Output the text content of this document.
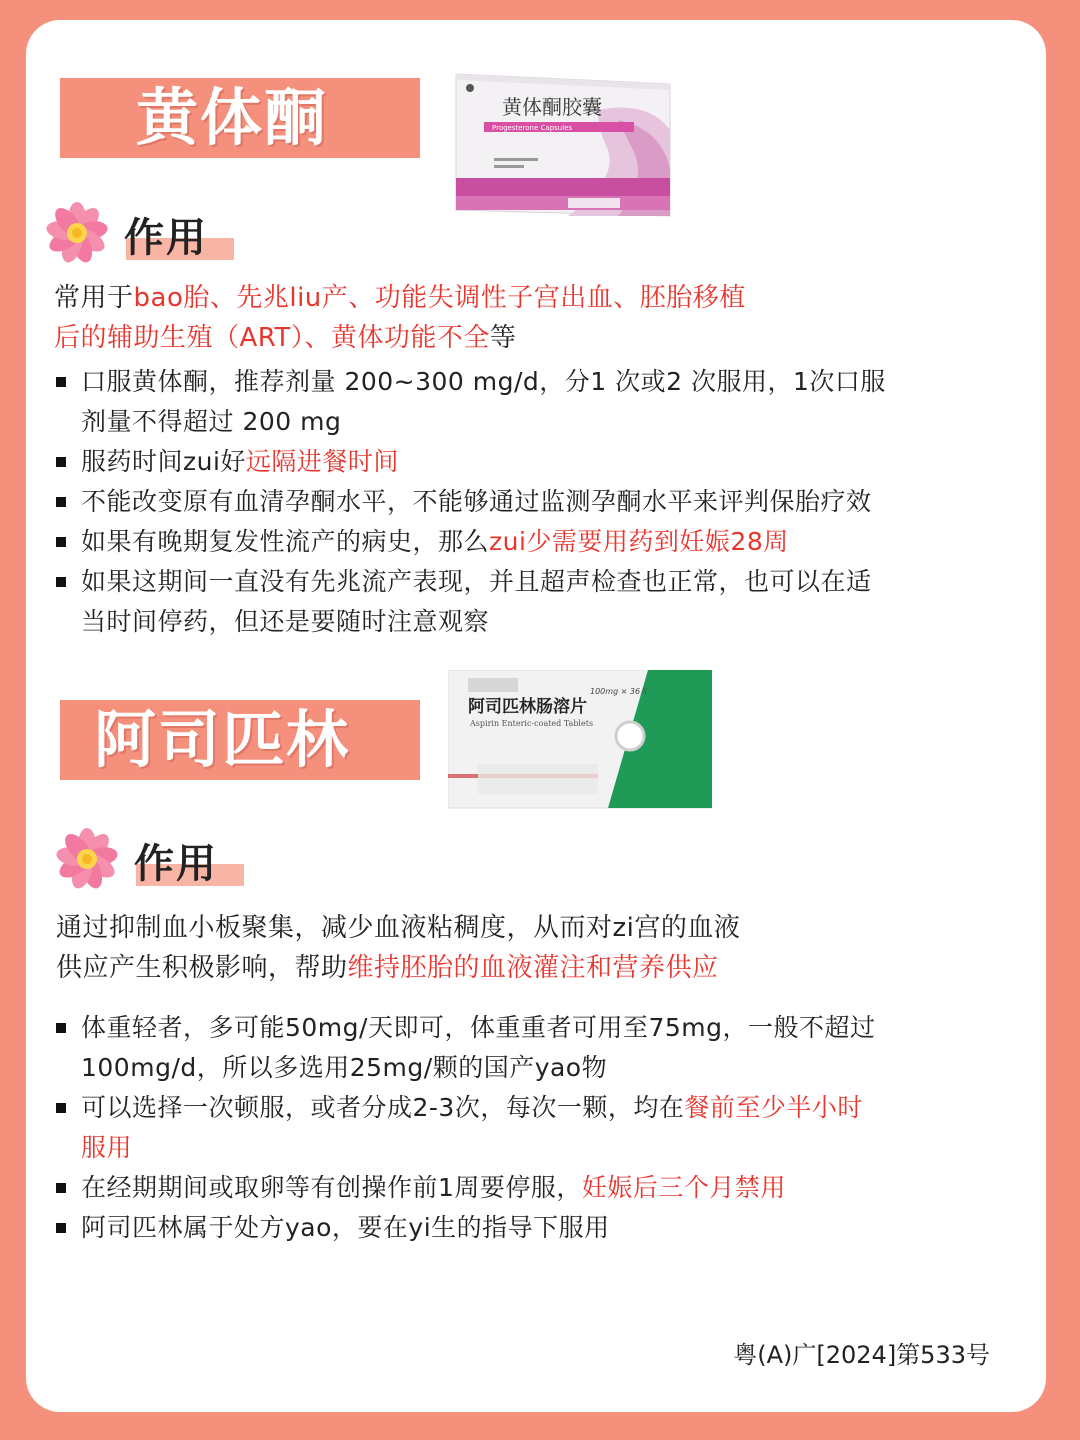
黄体酮	Progesterone Capsules
黄体酮胶囊
作用

常用于bao胎、先兆liu产、功能失调性子宫出血、胚胎移植
后的辅助生殖（ART）、黄体功能不全等

口服黄体酮，推荐剂量 200~300 mg/d，分1 次或2 次服用，1次口服
剂量不得超过 200 mg
服药时间zui好远隔进餐时间
不能改变原有血清孕酮水平，不能够通过监测孕酮水平来评判保胎疗效
如果有晚期复发性流产的病史，那么zui少需要用药到妊娠28周
如果这期间一直没有先兆流产表现，并且超声检查也正常，也可以在适
当时间停药，但还是要随时注意观察
阿司匹林	阿司匹林肠溶片
Aspirin Enteric-coated Tablets
100mg × 36片
作用

通过抑制血小板聚集，减少血液粘稠度，从而对zi宫的血液
供应产生积极影响，帮助维持胚胎的血液灌注和营养供应

体重轻者，多可能50mg/天即可，体重重者可用至75mg，一般不超过
100mg/d，所以多选用25mg/颗的国产yao物
可以选择一次顿服，或者分成2-3次，每次一颗，均在餐前至少半小时
服用
在经期期间或取卵等有创操作前1周要停服，妊娠后三个月禁用
阿司匹林属于处方yao，要在yi生的指导下服用
粤(A)广[2024]第533号
